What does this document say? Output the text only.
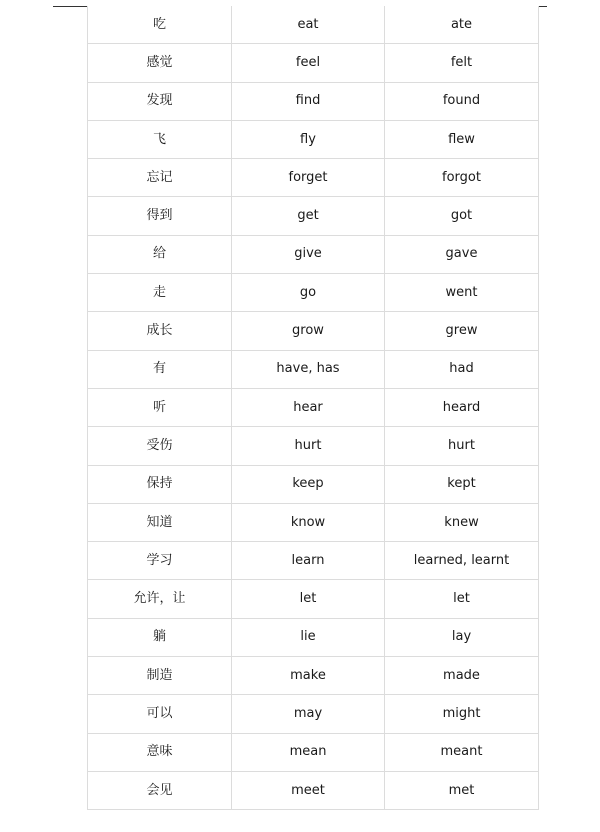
吃	eat	ate
感觉	feel	felt
发现	find	found
飞	fly	flew
忘记	forget	forgot
得到	get	got
给	give	gave
走	go	went
成长	grow	grew
有	have, has	had
听	hear	heard
受伤	hurt	hurt
保持	keep	kept
知道	know	knew
学习	learn	learned, learnt
允许，让	let	let
躺	lie	lay
制造	make	made
可以	may	might
意味	mean	meant
会见	meet	met
